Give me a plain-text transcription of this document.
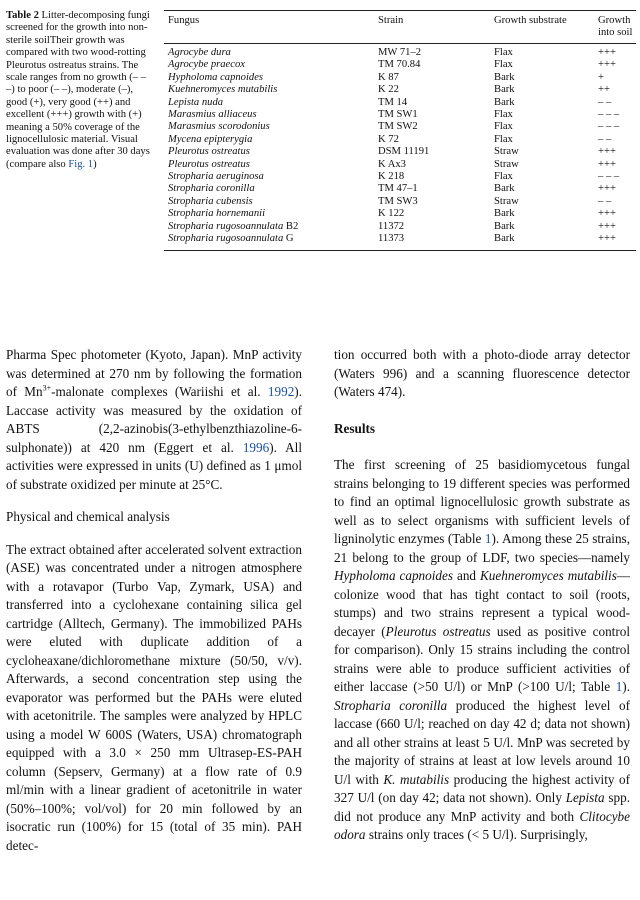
Table 2 Litter-decomposing fungi screened for the growth into non-sterile soilTheir growth was compared with two wood-rotting Pleurotus ostreatus strains. The scale ranges from no growth (– – –) to poor (– –), moderate (–), good (+), very good (++) and excellent (+++) growth with (+) meaning a 50% coverage of the lignocellulosic material. Visual evaluation was done after 30 days (compare also Fig. 1)
Fungus	Strain	Growth substrate	Growth into soil
Agrocybe dura	MW 71–2	Flax	+++
Agrocybe praecox	TM 70.84	Flax	+++
Hypholoma capnoides	K 87	Bark	+
Kuehneromyces mutabilis	K 22	Bark	++
Lepista nuda	TM 14	Bark	– –
Marasmius alliaceus	TM SW1	Flax	– – –
Marasmius scorodonius	TM SW2	Flax	– – –
Mycena epipterygia	K 72	Flax	– –
Pleurotus ostreatus	DSM 11191	Straw	+++
Pleurotus ostreatus	K Ax3	Straw	+++
Stropharia aeruginosa	K 218	Flax	– – –
Stropharia coronilla	TM 47–1	Bark	+++
Stropharia cubensis	TM SW3	Straw	– –
Stropharia hornemanii	K 122	Bark	+++
Stropharia rugosoannulata B2	11372	Bark	+++
Stropharia rugosoannulata G	11373	Bark	+++

Pharma Spec photometer (Kyoto, Japan). MnP activity was determined at 270 nm by following the formation of $Mn^{3+}$-malonate complexes (Wariishi et al. 1992). Laccase activity was measured by the oxidation of ABTS (2,2-azinobis(3-ethylbenzthiazoline-6-sulphonate)) at 420 nm (Eggert et al. 1996). All activities were expressed in units (U) defined as 1 μmol of substrate oxidized per minute at 25°C.

Physical and chemical analysis

The extract obtained after accelerated solvent extraction (ASE) was concentrated under a nitrogen atmosphere with a rotavapor (Turbo Vap, Zymark, USA) and transferred into a cyclohexane containing silica gel cartridge (Alltech, Germany). The immobilized PAHs were eluted with duplicate addition of a cycloheaxane/dichloromethane mixture (50/50, v/v). Afterwards, a second concentration step using the evaporator was performed but the PAHs were eluted with acetonitrile. The samples were analyzed by HPLC using a model W 600S (Waters, USA) chromatograph equipped with a 3.0 × 250 mm Ultrasep-ES-PAH column (Sepserv, Germany) at a flow rate of 0.9 ml/min with a linear gradient of acetonitrile in water (50%–100%; vol/vol) for 20 min followed by an isocratic run (100%) for 15 (total of 35 min). PAH detec-

tion occurred both with a photo-diode array detector (Waters 996) and a scanning fluorescence detector (Waters 474).

Results

The first screening of 25 basidiomycetous fungal strains belonging to 19 different species was performed to find an optimal lignocellulosic growth substrate as well as to select organisms with sufficient levels of ligninolytic enzymes (Table 1). Among these 25 strains, 21 belong to the group of LDF, two species—namely Hypholoma capnoides and Kuehneromyces mutabilis—colonize wood that has tight contact to soil (roots, stumps) and two strains represent a typical wood-decayer (Pleurotus ostreatus used as positive control for comparison). Only 15 strains including the control strains were able to produce sufficient activities of either laccase (>50 U/l) or MnP (>100 U/l; Table 1). Stropharia coronilla produced the highest level of laccase (660 U/l; reached on day 42 d; data not shown) and all other strains at least 5 U/l. MnP was secreted by the majority of strains at least at low levels around 10 U/l with K. mutabilis producing the highest activity of 327 U/l (on day 42; data not shown). Only Lepista spp. did not produce any MnP activity and both Clitocybe odora strains only traces (< 5 U/l). Surprisingly,
